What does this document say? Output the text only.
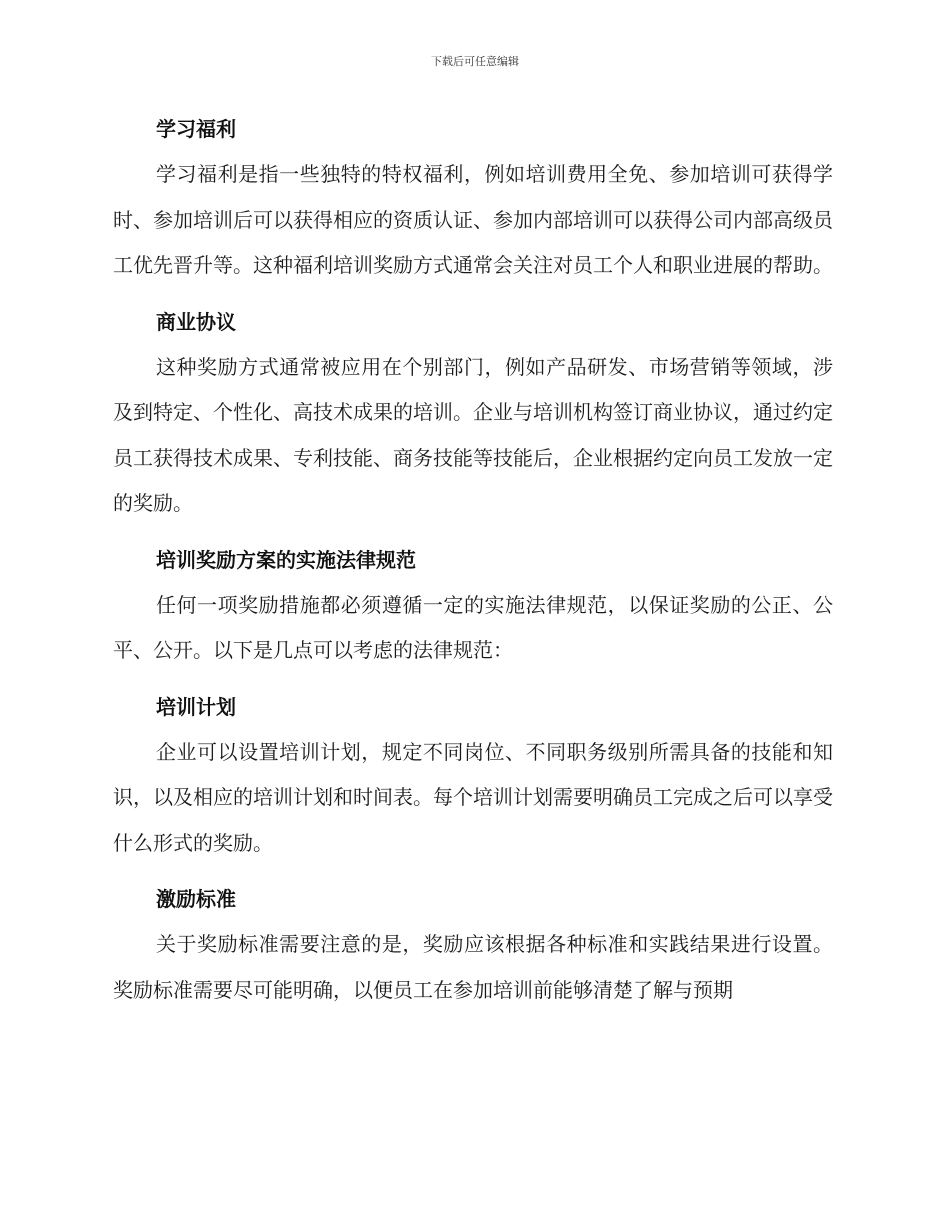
下载后可任意编辑
学习福利

学习福利是指一些独特的特权福利，例如培训费用全免、参加培训可获得学时、参加培训后可以获得相应的资质认证、参加内部培训可以获得公司内部高级员工优先晋升等。这种福利培训奖励方式通常会关注对员工个人和职业进展的帮助。

商业协议

这种奖励方式通常被应用在个别部门，例如产品研发、市场营销等领域，涉及到特定、个性化、高技术成果的培训。企业与培训机构签订商业协议，通过约定员工获得技术成果、专利技能、商务技能等技能后，企业根据约定向员工发放一定的奖励。

培训奖励方案的实施法律规范

任何一项奖励措施都必须遵循一定的实施法律规范，以保证奖励的公正、公平、公开。以下是几点可以考虑的法律规范：

培训计划

企业可以设置培训计划，规定不同岗位、不同职务级别所需具备的技能和知识，以及相应的培训计划和时间表。每个培训计划需要明确员工完成之后可以享受什么形式的奖励。

激励标准

关于奖励标准需要注意的是，奖励应该根据各种标准和实践结果进行设置。奖励标准需要尽可能明确，以便员工在参加培训前能够清楚了解与预期
